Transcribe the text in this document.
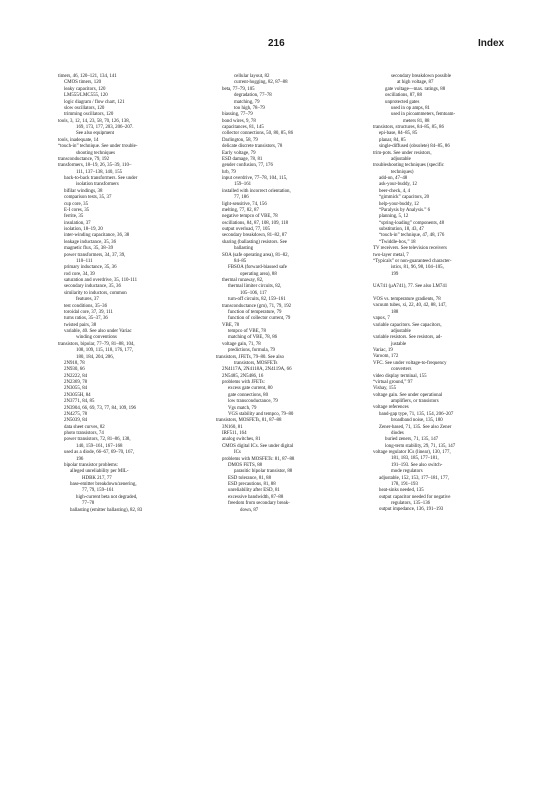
216	Index
timers, 46, 120–121, 134, 141
CMOS timers, 120
leaky capacitors, 120
LM555/LMC555, 120
logic diagram / flow chart, 121
slow oscillators, 120
trimming oscillators, 120
tools, 3, 12, 14, 23, 58, 70, 126, 138,
169, 173, 177, 203, 206–207.
See also equipment
tools, inadequate, 14
“touch-in” technique. See under trouble-
shooting techniques
transconductance, 79, 192
transformers, 18–19, 26, 35–39, 110–
111, 137–138, 140, 155
back-to-back transformers. See under
isolation transformers
bifilar windings, 38
comparison tests, 35, 37
cup core, 35
E-I cores, 35
ferrite, 35
insulation, 37
isolation, 18–19, 20
inter-winding capacitance, 36, 38
leakage inductance, 35, 36
magnetic flux, 35, 38–39
power transformers, 34, 37, 39,
110–111
primary inductance, 35, 36
rod core, 34, 39
saturation and overdrive, 35, 110-111
secondary inductance, 35, 36
similarity to inductors, common
features, 37
test conditions, 35–36
toroidal core, 37, 39, 111
turns ratios, 35–37, 36
twisted pairs, 38
variable, 40. See also under Variac
winding conventions
transistors, bipolar, 77–79, 81–88, 104,
108, 109, 115, 118, 176, 177,
180, 184, 204, 206,
2N918, 78
2N930, 66
2N2222, 84
2N2369, 78
2N3055, 84
2N3055H, 84
2N3771, 84, 85
2N3904, 66, 69, 73, 77, 84, 109, 196
2N4275, 78
2N5039, 84
data sheet curves, 82
photo transistors, 74
power transistors, 72, 81–86, 138,
140, 159–161, 167–168
used as a diode, 66–67, 69–70, 167,
196
bipolar transistor problems:
alleged unreliability per MIL-
HDBK 217, 77
base-emitter breakdown/zenering,
77, 79, 159–161
high-current beta not degraded,
77–78
ballasting (emitter ballasting), 82, 83
cellular layout, 82
current-hogging, 82, 87–88
beta, 77–79, 105
degradation, 77–78
matching, 79
too high, 78–79
biassing, 77–79
bond wires, 9, 78
capacitances, 81, 145
collector connections, 50, 80, 85, 86
Darlington, 58, 79
delicate discrete transistors, 78
Early voltage, 79
ESD damage, 78, 81
gender confusion, 77, 176
hrb, 79
input overdrive, 77–78, 104, 115,
159–161
installed with incorrect orientation,
77, 186
light-sensitive, 74, 156
melting, 77, 82, 87
negative tempco of VBE, 78
oscillations, 84, 87, 108, 109, 118
output overload, 77, 105
secondary breakdown, 81–82, 87
sharing (ballasting) resistors. See
ballasting
SOA (safe operating area), 81–82,
84–85
FBSOA (forward-biassed safe
operating area), 88
thermal runaway, 82,
thermal limiter circuits, 82,
105–106, 117
turn-off circuits, 82, 159–161
transconductance (gm), 71, 79, 192
function of temperature, 79
function of collector current, 79
VBE, 78
tempco of VBE, 78
matching of VBE, 78, 86
voltage gain, 71, 78
predictions, formula, 79
transistors, JFETs, 79–80. See also
transistors, MOSFETs
2N4117A, 2N4118A, 2N4119A, 66
2N5485, 2N5486, 16
problems with JFETs:
excess gate current, 80
gate connections, 80
low transconductance, 79
Vgs match, 79
VGS stability and tempco, 79–80
transistors, MOSFETs, 81, 87–88
3N160, 81
IRF511, 164
analog switches, 81
CMOS digital ICs. See under digital
ICs
problems with MOSFETs: 81, 87–88
DMOS FETS, 88
parasitic bipolar transistor, 88
ESD tolerance, 81, 88
ESD precautions, 81, 88
unreliability after ESD, 81
excessive bandwidth, 87–88
freedom from secondary break-
down, 87
secondary breakdown possible
at high voltage, 87
gate voltage—max. ratings, 88
oscillations, 87, 88
unprotected gates
used in op amps, 81
used in picoammeters, femtoam-
meters 81, 88
transistors, structures, 84–85, 85, 86
epi-base, 84–85, 85
planar, 84, 85
single-diffused (obsolete) 84–85, 86
trim-pots. See under resistors,
adjustable
troubleshooting techniques (specific
techniques)
add-on, 47–48
ask-your-buddy, 12
beer-check, 4, 4
“gimmick” capacitors, 20
help-your-buddy, 12
“Paralysis by Analysis.” 6
planning, 5, 12
“spring-loading” components, 48
substitution, 18, 43, 47
“touch-in” technique, 47, 48, 176
“Twiddle-box,” 18
TV receivers. See television receivers
two-layer metal, 7
“Typicals” or non-guaranteed character-
istics, 81, 96, 98, 104–105,
199
UA741 (μA741), 77. See also LM741
VOS vs. temperature gradients, 78
vacuum tubes, xi, 22, 40, 42, 88, 147,
188
vapox, 7
variable capacitors. See capacitors,
adjustable
variable resistors. See resistors, ad-
justable
Variac, 19
Varoom, 172
VFC. See under voltage-to-frequency
converters
video display terminal, 155
“virtual ground,” 97
Vishay, 155
voltage gain. See under operational
amplifiers, or transistors
voltage references
band-gap type, 71, 135, 154, 206–207
broadband noise, 135, 180
Zener-based, 71, 135. See also Zener
diodes
buried zeners, 71, 135, 147
long-term stability, 29, 71, 135, 147
voltage regulator ICs (linear), 130, 177,
181, 183, 185, 177–181,
191–193. See also switch-
mode regulators
adjustable, 152, 153, 177–181, 177,
178, 191–193
heat-sinks needed, 135
output capacitor needed for negative
regulators, 135–136
output impedance, 136, 191–193
